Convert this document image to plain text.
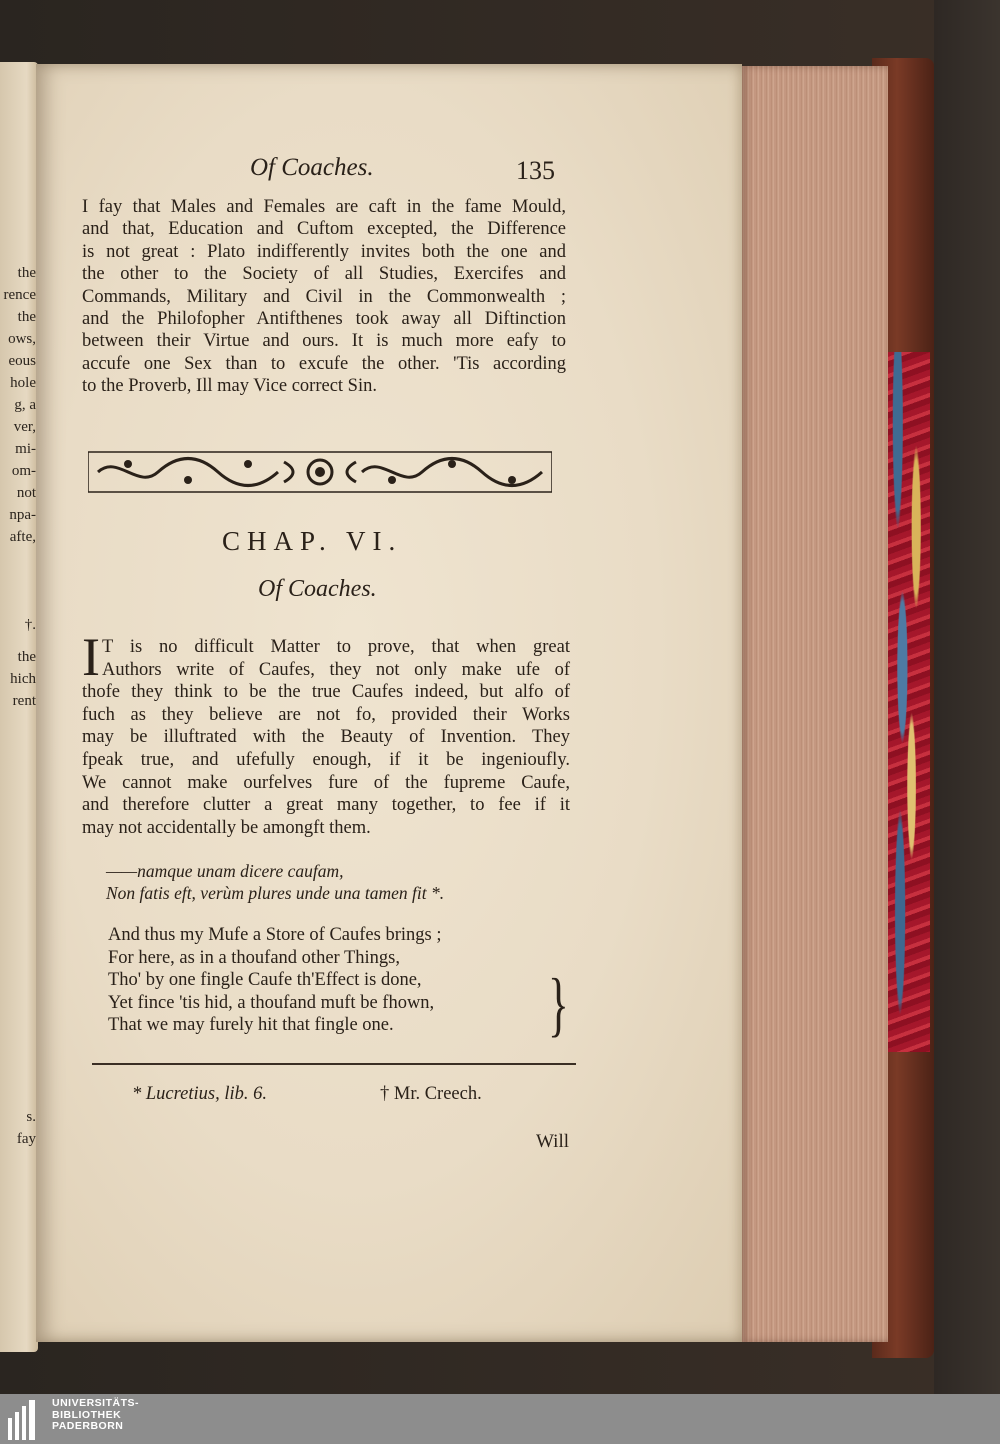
the
rence
the
ows,
eous
hole
g, a
ver,
mi-
om-
not
npa-
afte,
†.
the
hich
rent
s.
fay
Of Coaches.	135
I fay that Males and Females are caft in the fame Mould,
and that, Education and Cuftom excepted, the Difference
is not great : Plato indifferently invites both the one and
the other to the Society of all Studies, Exercifes and
Commands, Military and Civil in the Commonwealth ;
and the Philofopher Antifthenes took away all Diftinction
between their Virtue and ours. It is much more eafy to
accufe one Sex than to excufe the other. 'Tis according
to the Proverb, Ill may Vice correct Sin.
CHAP. VI.
Of Coaches.
I T is no difficult Matter to prove, that when great
Authors write of Caufes, they not only make ufe of
thofe they think to be the true Caufes indeed, but alfo of
fuch as they believe are not fo, provided their Works
may be illuftrated with the Beauty of Invention. They
fpeak true, and ufefully enough, if it be ingenioufly.
We cannot make ourfelves fure of the fupreme Caufe,
and therefore clutter a great many together, to fee if it
may not accidentally be amongft them.
——namque unam dicere caufam,
Non fatis eft, verùm plures unde una tamen fit *.
And thus my Mufe a Store of Caufes brings ;
For here, as in a thoufand other Things,
Tho' by one fingle Caufe th'Effect is done,
Yet fince 'tis hid, a thoufand muft be fhown,
That we may furely hit that fingle one.	}
* Lucretius, lib. 6.	† Mr. Creech.
Will
UNIVERSITÄTS-
BIBLIOTHEK
PADERBORN
